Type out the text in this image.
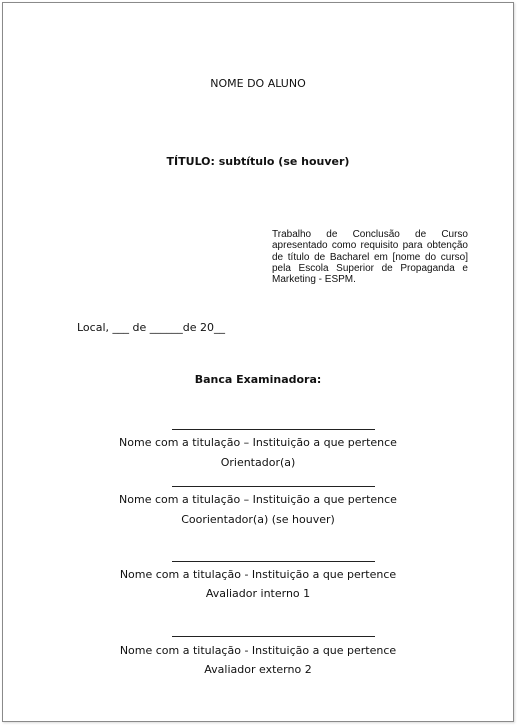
NOME DO ALUNO
TÍTULO: subtítulo (se houver)
Trabalho de Conclusão de Curso apresentado como requisito para obtenção de título de Bacharel em [nome do curso] pela Escola Superior de Propaganda e Marketing - ESPM.
Local, ___ de ______de 20__
Banca Examinadora:
Nome com a titulação – Instituição a que pertence
Orientador(a)
Nome com a titulação – Instituição a que pertence
Coorientador(a) (se houver)
Nome com a titulação - Instituição a que pertence
Avaliador interno 1
Nome com a titulação - Instituição a que pertence
Avaliador externo 2
